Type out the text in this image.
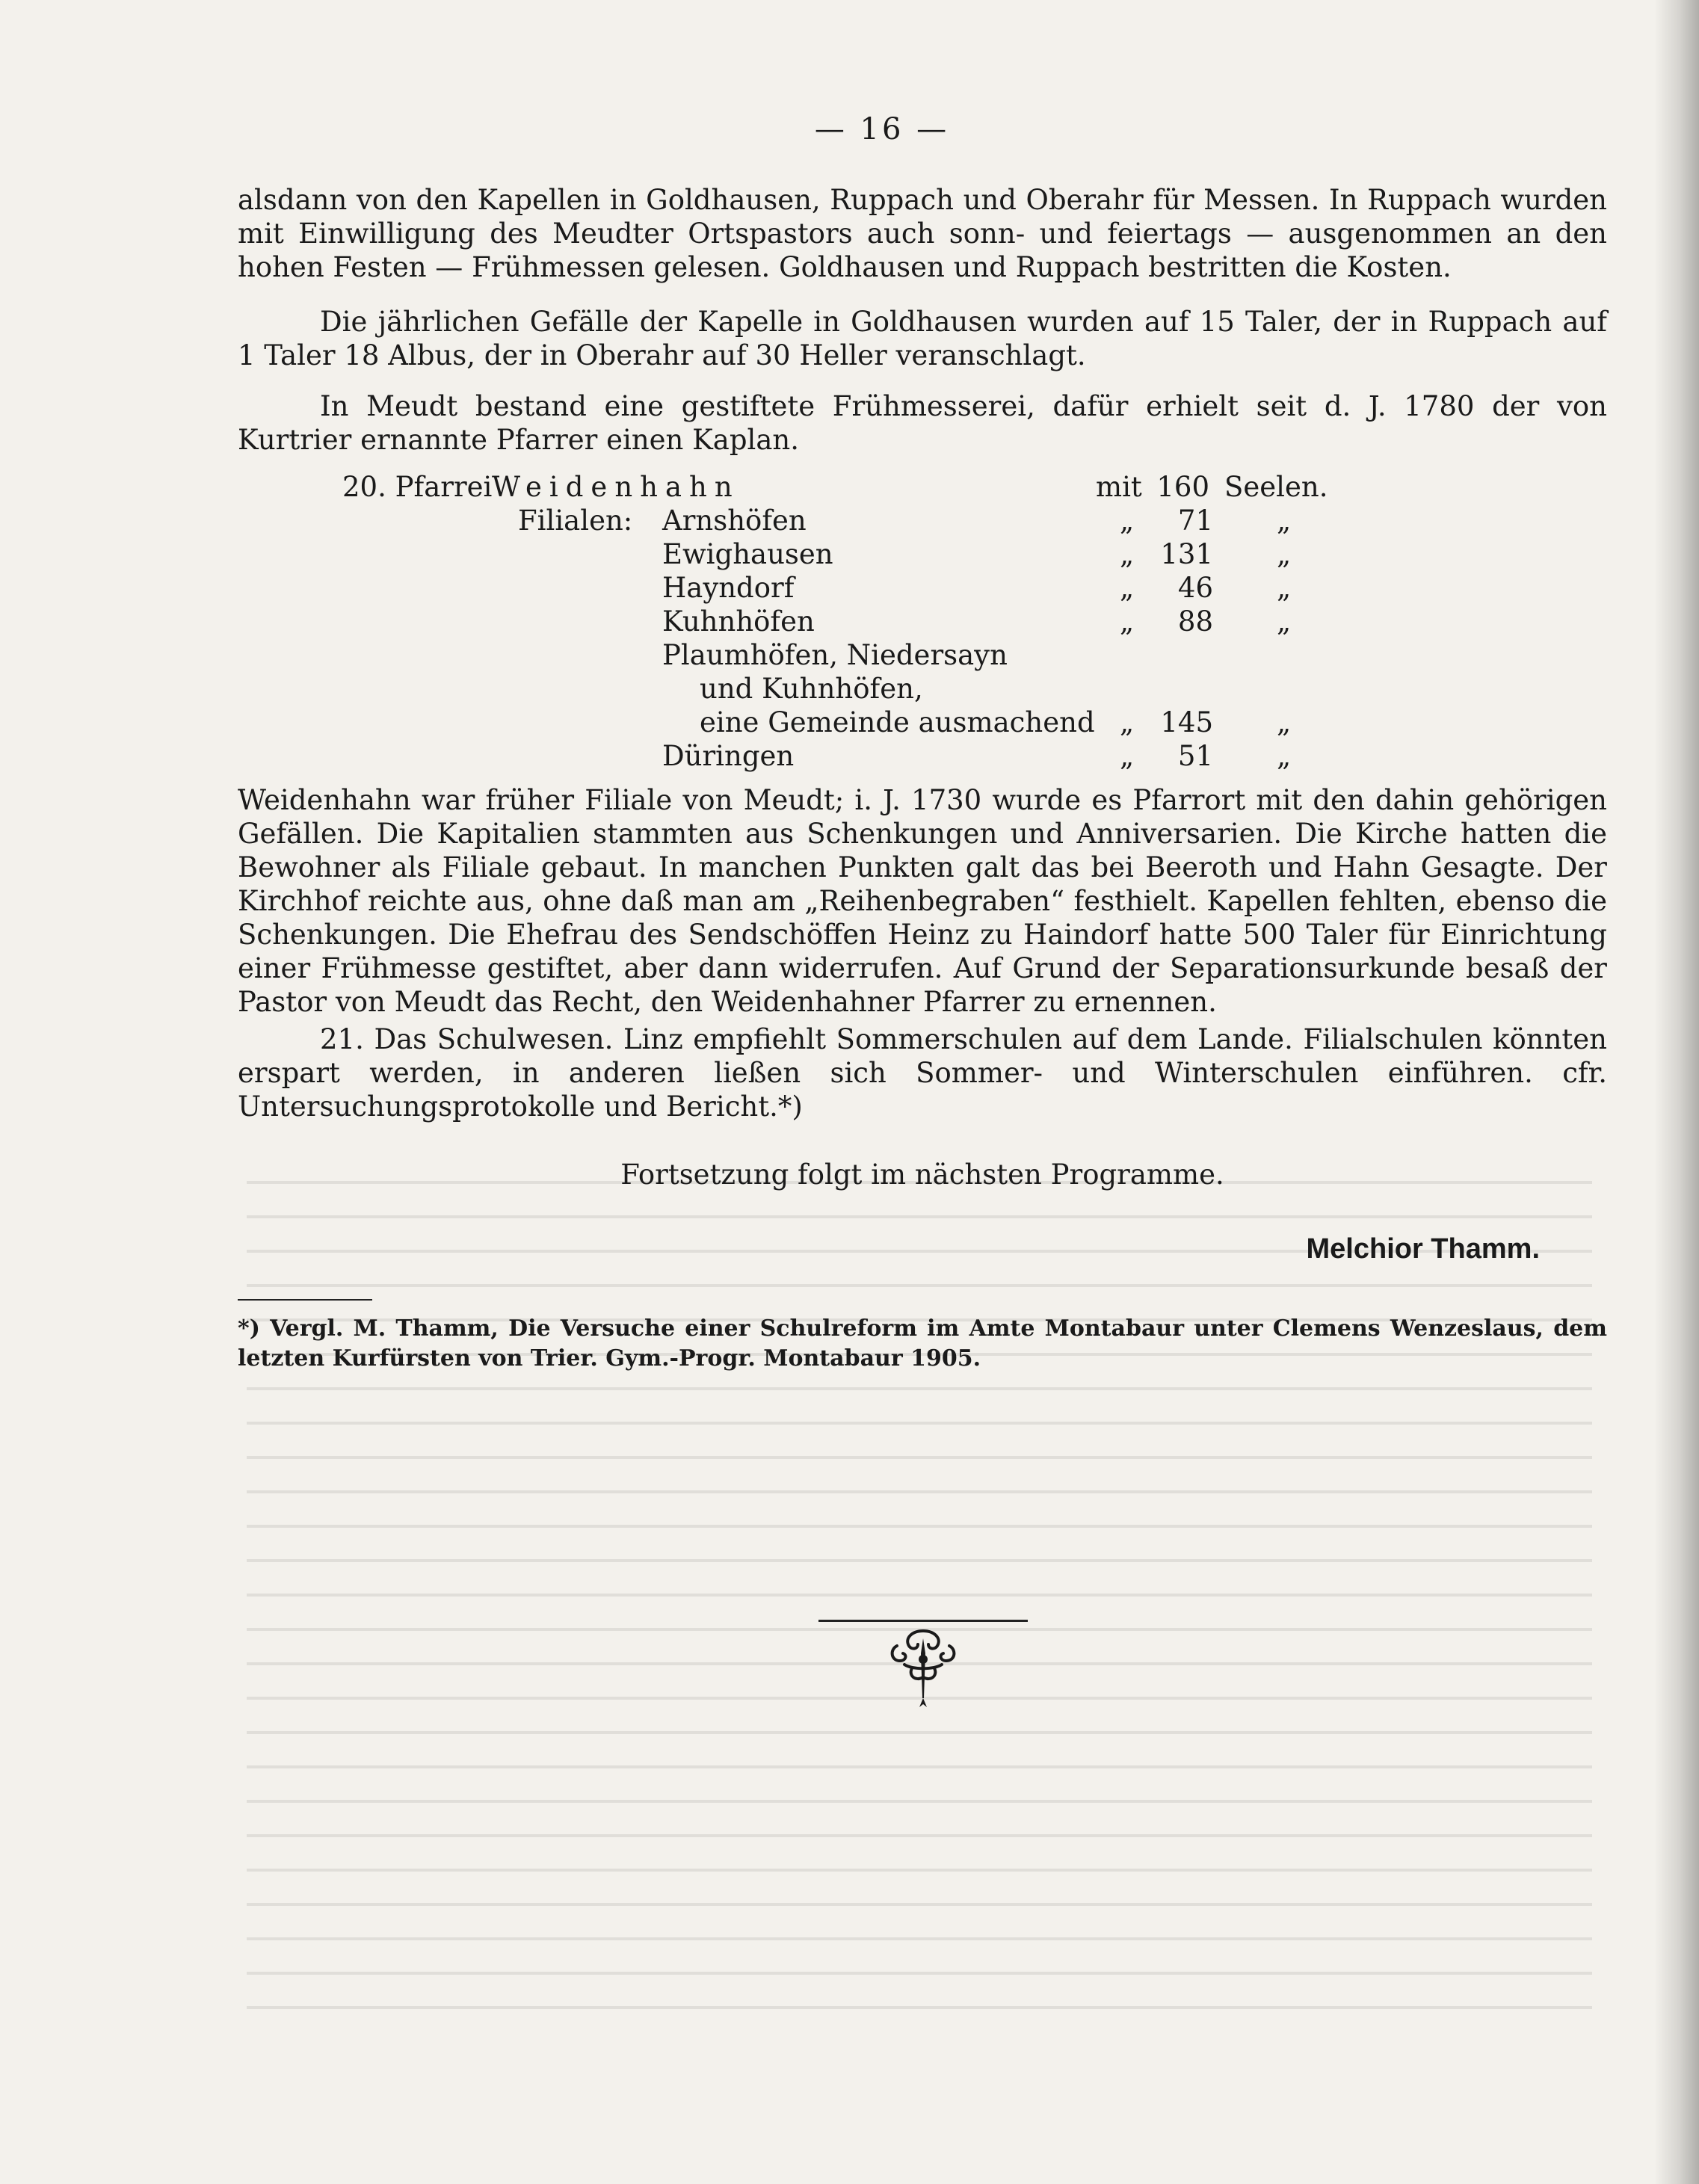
— 16 —

alsdann von den Kapellen in Goldhausen, Ruppach und Oberahr für Messen. In Ruppach wurden mit Einwilligung des Meudter Ortspastors auch sonn- und feiertags — ausgenommen an den hohen Festen — Frühmessen gelesen. Goldhausen und Ruppach bestritten die Kosten.

Die jährlichen Gefälle der Kapelle in Goldhausen wurden auf 15 Taler, der in Ruppach auf 1 Taler 18 Albus, der in Oberahr auf 30 Heller veranschlagt.

In Meudt bestand eine gestiftete Frühmesserei, dafür erhielt seit d. J. 1780 der von Kurtrier ernannte Pfarrer einen Kaplan.

20. Pfarrei Weidenhahn	mit 160 Seelen.
Filialen: Arnshöfen	„	71 „
Ewighausen	„ 131 „
Hayndorf	„	46 „
Kuhnhöfen	„	88 „
Plaumhöfen, Niedersayn
und Kuhnhöfen,
eine Gemeinde ausmachend „ 145 „
Düringen	„	51 „

Weidenhahn war früher Filiale von Meudt; i. J. 1730 wurde es Pfarrort mit den dahin gehörigen Gefällen. Die Kapitalien stammten aus Schenkungen und Anniversarien. Die Kirche hatten die Bewohner als Filiale gebaut. In manchen Punkten galt das bei Beeroth und Hahn Gesagte. Der Kirchhof reichte aus, ohne daß man am „Reihenbegraben“ festhielt. Kapellen fehlten, ebenso die Schenkungen. Die Ehefrau des Sendschöffen Heinz zu Haindorf hatte 500 Taler für Einrichtung einer Frühmesse gestiftet, aber dann widerrufen. Auf Grund der Separationsurkunde besaß der Pastor von Meudt das Recht, den Weidenhahner Pfarrer zu ernennen.

21. Das Schulwesen. Linz empfiehlt Sommerschulen auf dem Lande. Filialschulen könnten erspart werden, in anderen ließen sich Sommer- und Winterschulen einführen. cfr. Untersuchungsprotokolle und Bericht.*)

Fortsetzung folgt im nächsten Programme.
Melchior Thamm.
*) Vergl. M. Thamm, Die Versuche einer Schulreform im Amte Montabaur unter Clemens Wenzeslaus, dem letzten Kurfürsten von Trier. Gym.-Progr. Montabaur 1905.
